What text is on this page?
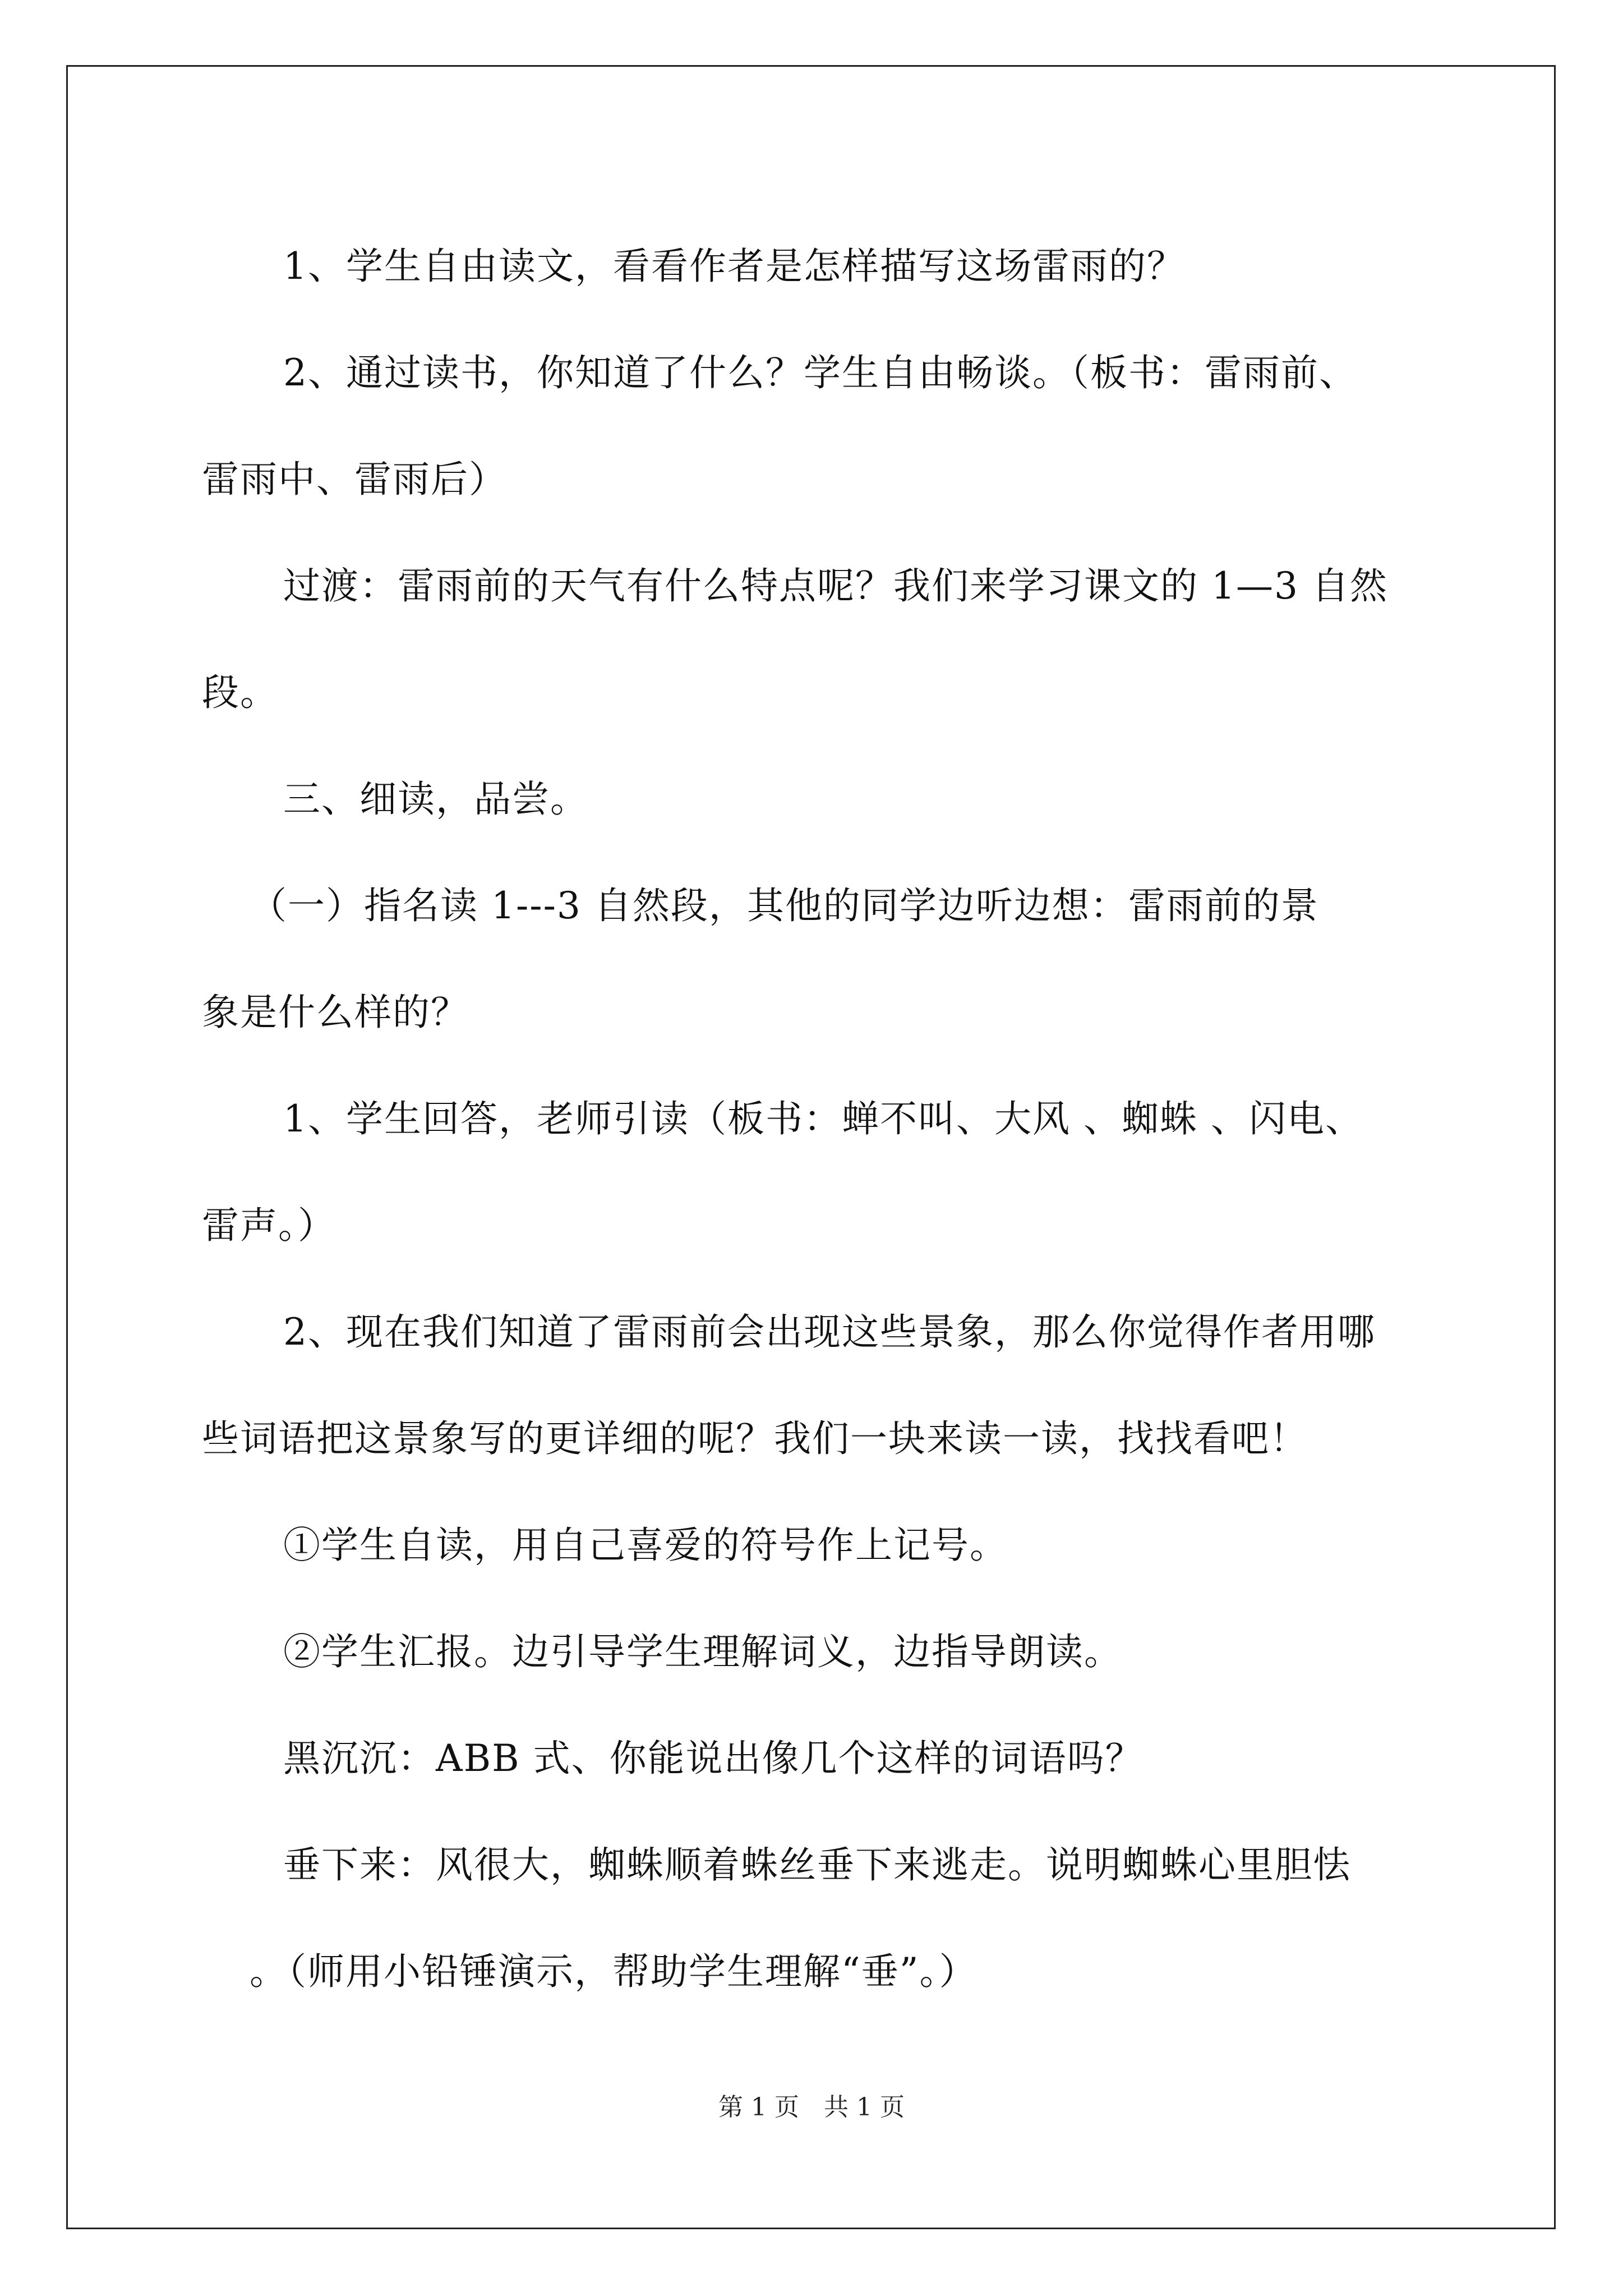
1、学生自由读文，看看作者是怎样描写这场雷雨的？
2、通过读书，你知道了什么？学生自由畅谈。（板书：雷雨前、
雷雨中、雷雨后）
过渡：雷雨前的天气有什么特点呢？我们来学习课文的 1—3 自然
段。
三、细读，品尝。
（一）指名读 1---3 自然段，其他的同学边听边想：雷雨前的景
象是什么样的？
1、学生回答，老师引读（板书：蝉不叫、大风 、蜘蛛 、闪电、
雷声。）
2、现在我们知道了雷雨前会出现这些景象，那么你觉得作者用哪
些词语把这景象写的更详细的呢？我们一块来读一读，找找看吧！
①学生自读，用自己喜爱的符号作上记号。
②学生汇报。边引导学生理解词义，边指导朗读。
黑沉沉：ABB 式、你能说出像几个这样的词语吗？
垂下来：风很大，蜘蛛顺着蛛丝垂下来逃走。说明蜘蛛心里胆怯
。（师用小铅锤演示，帮助学生理解“垂”。）
第 1 页　共 1 页
